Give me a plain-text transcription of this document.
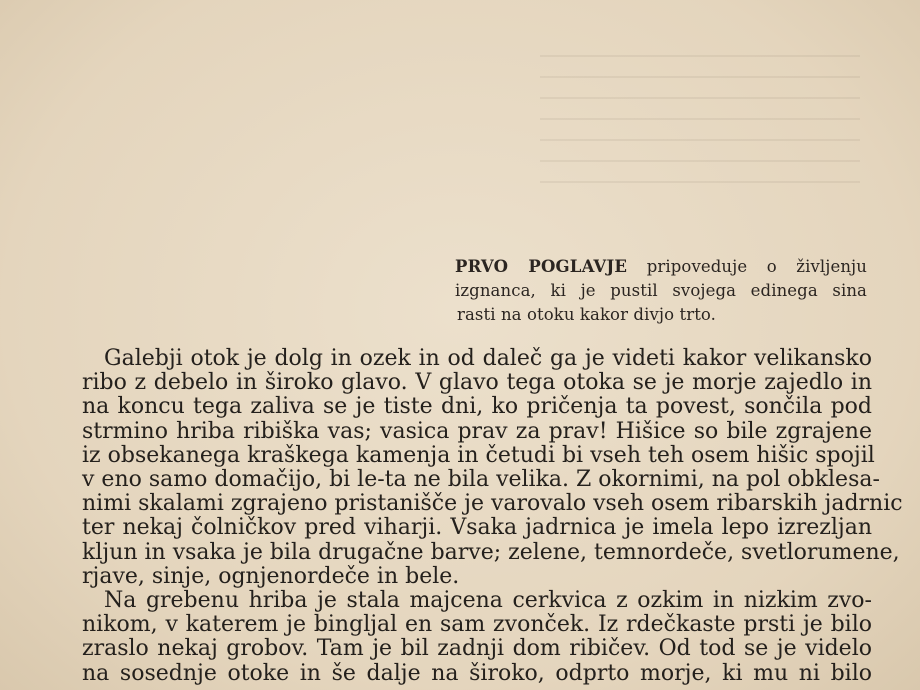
PRVO POGLAVJE pripoveduje o življenju
izgnanca, ki je pustil svojega edinega sina
rasti na otoku kakor divjo trto.
Galebji otok je dolg in ozek in od daleč ga je videti kakor velikansko
ribo z debelo in široko glavo. V glavo tega otoka se je morje zajedlo in
na koncu tega zaliva se je tiste dni, ko pričenja ta povest, sončila pod
strmino hriba ribiška vas; vasica prav za prav! Hišice so bile zgrajene
iz obsekanega kraškega kamenja in četudi bi vseh teh osem hišic spojil
v eno samo domačijo, bi le-ta ne bila velika. Z okornimi, na pol obklesa-
nimi skalami zgrajeno pristanišče je varovalo vseh osem ribarskih jadrnic
ter nekaj čolničkov pred viharji. Vsaka jadrnica je imela lepo izrezljan
kljun in vsaka je bila drugačne barve; zelene, temnordeče, svetlorumene,
rjave, sinje, ognjenordeče in bele.
Na grebenu hriba je stala majcena cerkvica z ozkim in nizkim zvo-
nikom, v katerem je bingljal en sam zvonček. Iz rdečkaste prsti je bilo
zraslo nekaj grobov. Tam je bil zadnji dom ribičev. Od tod se je videlo
na sosednje otoke in še dalje na široko, odprto morje, ki mu ni bilo
